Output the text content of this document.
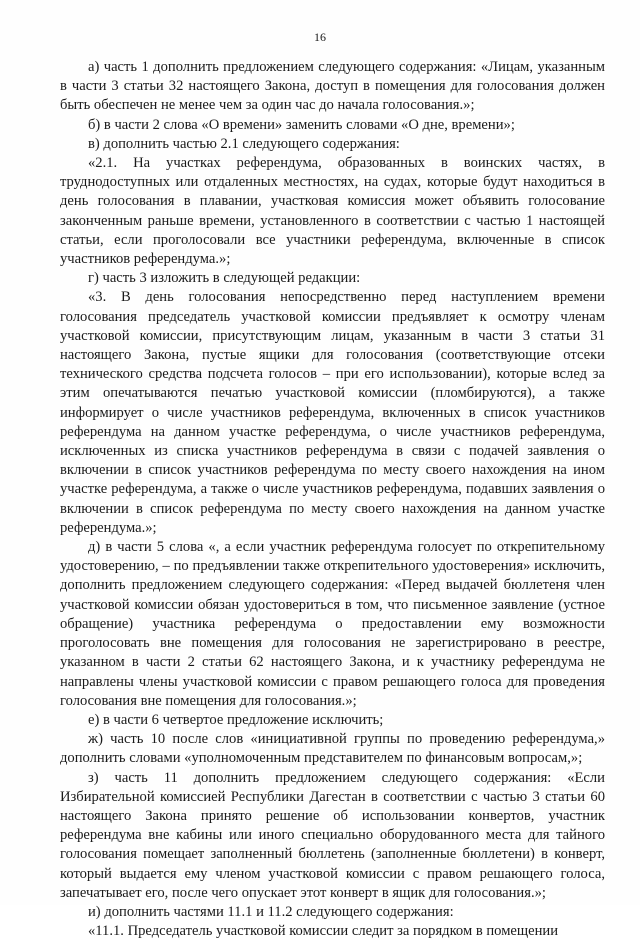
16

а) часть 1 дополнить предложением следующего содержания: «Лицам, указанным в части 3 статьи 32 настоящего Закона, доступ в помещения для голосования должен быть обеспечен не менее чем за один час до начала голосования.»;

б) в части 2 слова «О времени» заменить словами «О дне, времени»;

в) дополнить частью 2.1 следующего содержания:

«2.1. На участках референдума, образованных в воинских частях, в труднодоступных или отдаленных местностях, на судах, которые будут находиться в день голосования в плавании, участковая комиссия может объявить голосование законченным раньше времени, установленного в соответствии с частью 1 настоящей статьи, если проголосовали все участники референдума, включенные в список участников референдума.»;

г) часть 3 изложить в следующей редакции:

«3. В день голосования непосредственно перед наступлением времени голосования председатель участковой комиссии предъявляет к осмотру членам участковой комиссии, присутствующим лицам, указанным в части 3 статьи 31 настоящего Закона, пустые ящики для голосования (соответствующие отсеки технического средства подсчета голосов – при его использовании), которые вслед за этим опечатываются печатью участковой комиссии (пломбируются), а также информирует о числе участников референдума, включенных в список участников референдума на данном участке референдума, о числе участников референдума, исключенных из списка участников референдума в связи с подачей заявления о включении в список участников референдума по месту своего нахождения на ином участке референдума, а также о числе участников референдума, подавших заявления о включении в список референдума по месту своего нахождения на данном участке референдума.»;

д) в части 5 слова «, а если участник референдума голосует по открепительному удостоверению, – по предъявлении также открепительного удостоверения» исключить, дополнить предложением следующего содержания: «Перед выдачей бюллетеня член участковой комиссии обязан удостовериться в том, что письменное заявление (устное обращение) участника референдума о предоставлении ему возможности проголосовать вне помещения для голосования не зарегистрировано в реестре, указанном в части 2 статьи 62 настоящего Закона, и к участнику референдума не направлены члены участковой комиссии с правом решающего голоса для проведения голосования вне помещения для голосования.»;

е) в части 6 четвертое предложение исключить;

ж) часть 10 после слов «инициативной группы по проведению референдума,» дополнить словами «уполномоченным представителем по финансовым вопросам,»;

з) часть 11 дополнить предложением следующего содержания: «Если Избирательной комиссией Республики Дагестан в соответствии с частью 3 статьи 60 настоящего Закона принято решение об использовании конвертов, участник референдума вне кабины или иного специально оборудованного места для тайного голосования помещает заполненный бюллетень (заполненные бюллетени) в конверт, который выдается ему членом участковой комиссии с правом решающего голоса, запечатывает его, после чего опускает этот конверт в ящик для голосования.»;

и) дополнить частями 11.1 и 11.2 следующего содержания:

«11.1. Председатель участковой комиссии следит за порядком в помещении
